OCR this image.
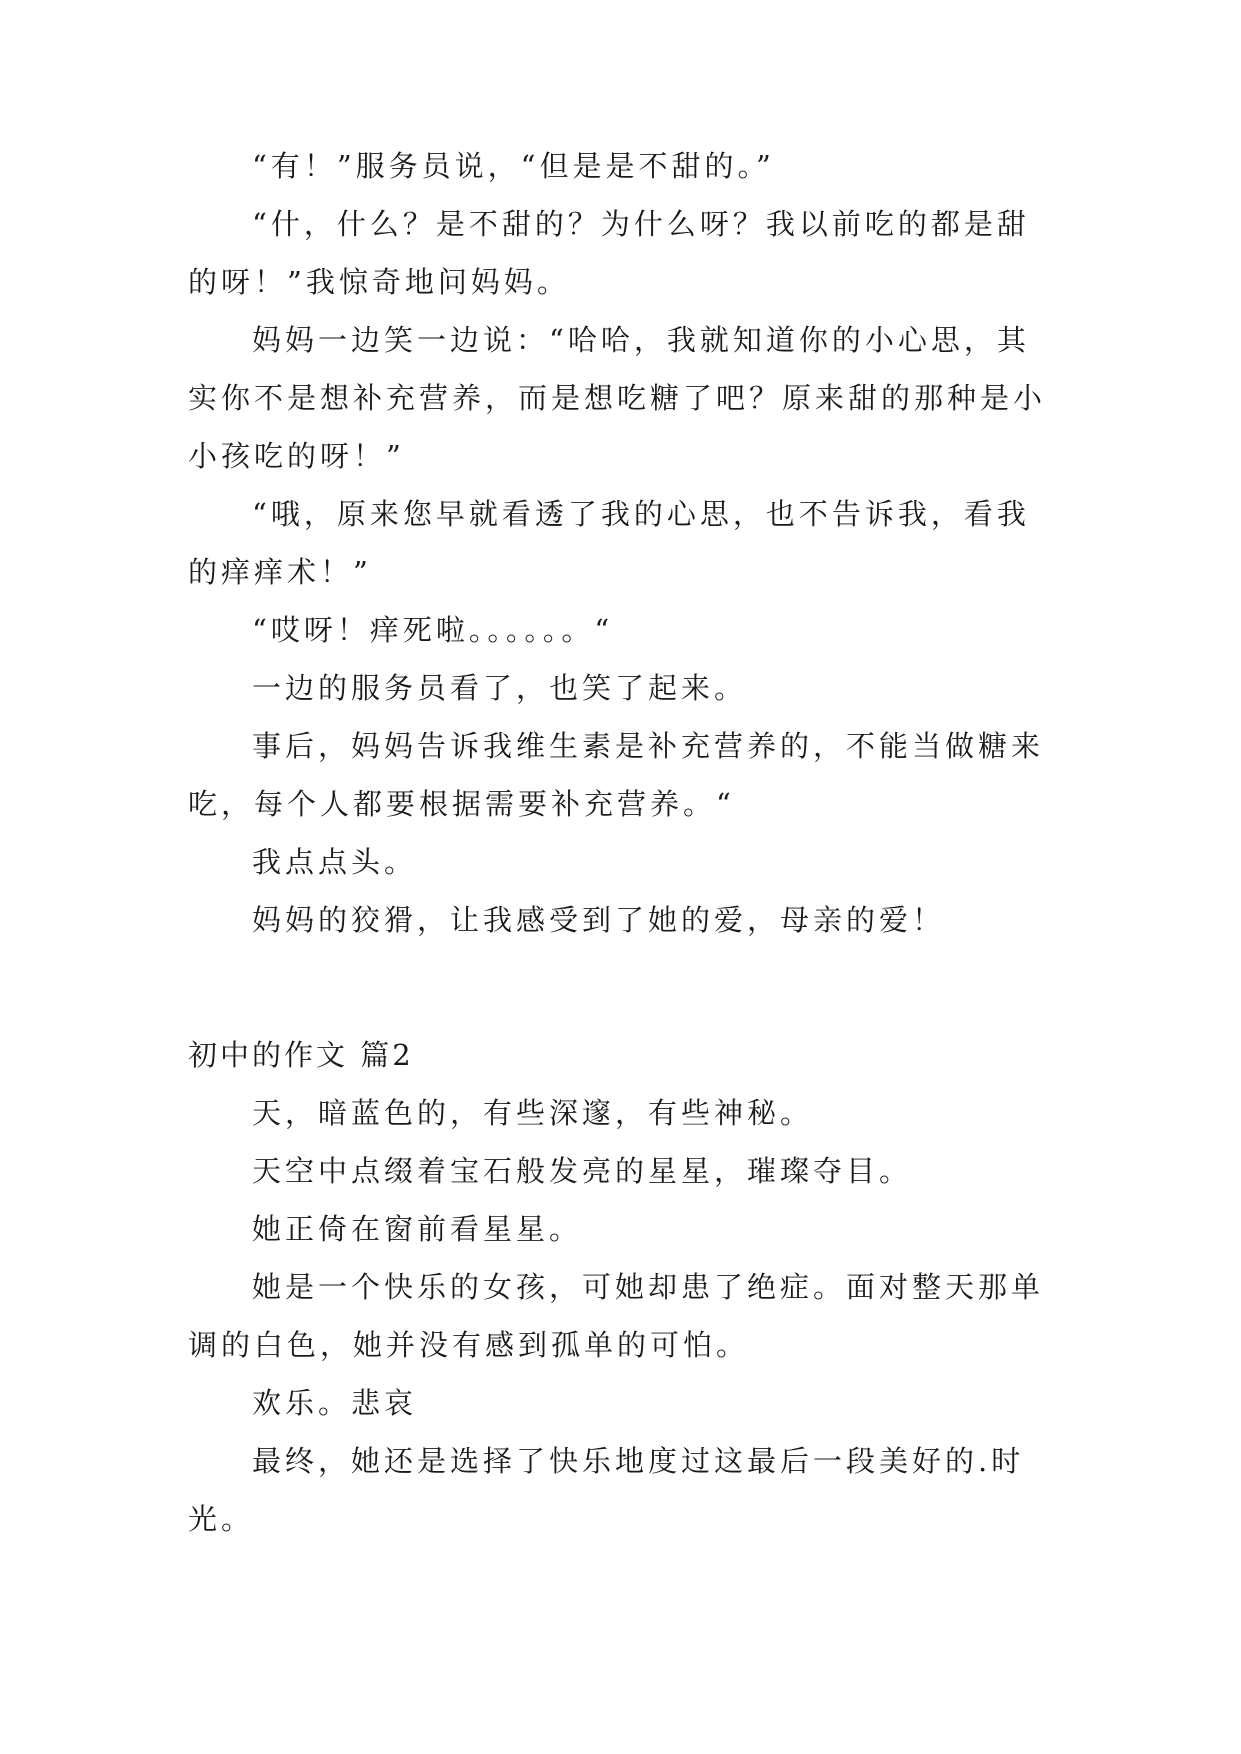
“有！”服务员说，“但是是不甜的。”

“什，什么？是不甜的？为什么呀？我以前吃的都是甜的呀！”我惊奇地问妈妈。

妈妈一边笑一边说：“哈哈，我就知道你的小心思，其实你不是想补充营养，而是想吃糖了吧？原来甜的那种是小小孩吃的呀！”

“哦，原来您早就看透了我的心思，也不告诉我，看我的痒痒术！”

“哎呀！痒死啦。。。。。。“

一边的服务员看了，也笑了起来。

事后，妈妈告诉我维生素是补充营养的，不能当做糖来吃，每个人都要根据需要补充营养。“

我点点头。

妈妈的狡猾，让我感受到了她的爱，母亲的爱！

初中的作文 篇2

天，暗蓝色的，有些深邃，有些神秘。

天空中点缀着宝石般发亮的星星，璀璨夺目。

她正倚在窗前看星星。

她是一个快乐的女孩，可她却患了绝症。面对整天那单调的白色，她并没有感到孤单的可怕。

欢乐。悲哀

最终，她还是选择了快乐地度过这最后一段美好的.时光。
